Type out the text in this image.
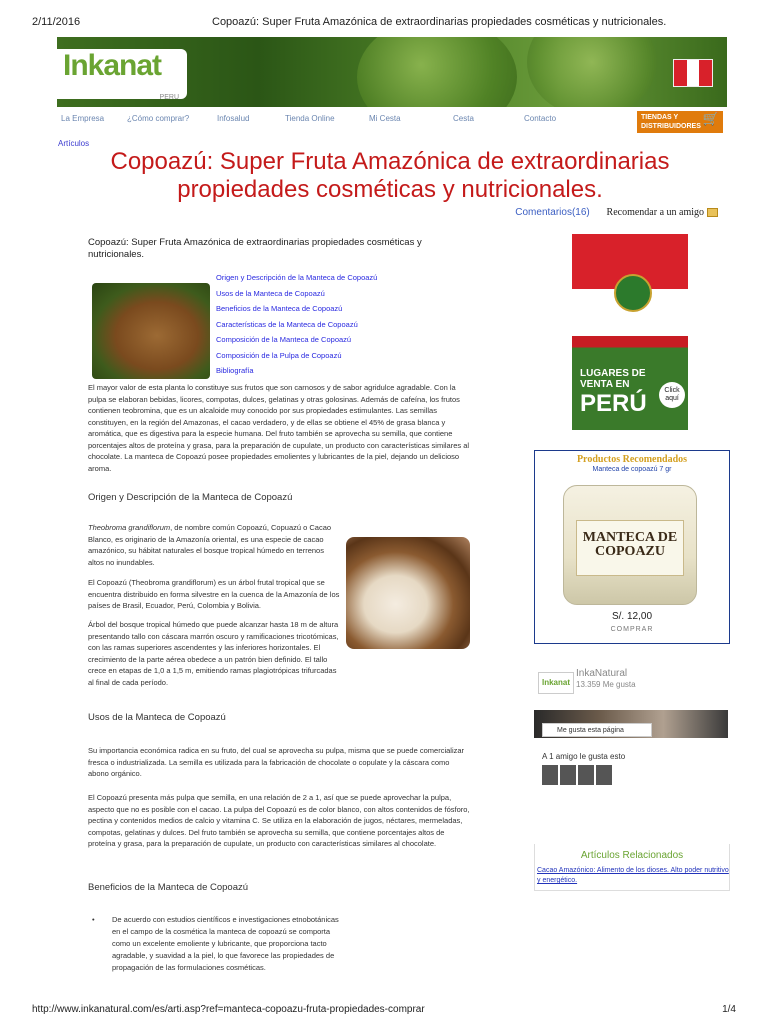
2/11/2016	Copoazú: Super Fruta Amazónica de extraordinarias propiedades cosméticas y nutricionales.
Inkanat
PERU
La Empresa	¿Cómo comprar?	Infosalud	Tienda Online	Mi Cesta	Cesta	Contacto	TIENDAS Y DISTRIBUIDORES
🛒
Artículos
Copoazú: Super Fruta Amazónica de extraordinarias propiedades cosméticas y nutricionales.
Comentarios(16) Recomendar a un amigo
Copoazú: Super Fruta Amazónica de extraordinarias propiedades cosméticas y nutricionales.
Origen y Descripción de la Manteca de Copoazú
Usos de la Manteca de Copoazú
Beneficios de la Manteca de Copoazú
Características de la Manteca de Copoazú
Composición de la Manteca de Copoazú
Composición de la Pulpa de Copoazú
Bibliografía
El mayor valor de esta planta lo constituye sus frutos que son carnosos y de sabor agridulce agradable. Con la pulpa se elaboran bebidas, licores, compotas, dulces, gelatinas y otras golosinas. Además de cafeína, los frutos contienen teobromina, que es un alcaloide muy conocido por sus propiedades estimulantes. Las semillas constituyen, en la región del Amazonas, el cacao verdadero, y de ellas se obtiene el 45% de grasa blanca y aromática, que es digestiva para la especie humana. Del fruto también se aprovecha su semilla, que contiene porcentajes altos de proteína y grasa, para la preparación de cupulate, un producto con características similares al chocolate. La manteca de Copoazú posee propiedades emolientes y lubricantes de la piel, dejando un delicioso aroma.
Origen y Descripción de la Manteca de Copoazú
Theobroma grandiflorum, de nombre común Copoazú, Copuazú o Cacao Blanco, es originario de la Amazonía oriental, es una especie de cacao amazónico, su hábitat naturales el bosque tropical húmedo en terrenos altos no inundables.
El Copoazú (Theobroma grandiflorum) es un árbol frutal tropical que se encuentra distribuido en forma silvestre en la cuenca de la Amazonía de los países de Brasil, Ecuador, Perú, Colombia y Bolivia.
Árbol del bosque tropical húmedo que puede alcanzar hasta 18 m de altura presentando tallo con cáscara marrón oscuro y ramificaciones tricotómicas, con las ramas superiores ascendentes y las inferiores horizontales. El crecimiento de la parte aérea obedece a un patrón bien definido. El tallo crece en etapas de 1,0 a 1,5 m, emitiendo ramas plagiotrópicas trifurcadas al final de cada período.
Usos de la Manteca de Copoazú
Su importancia económica radica en su fruto, del cual se aprovecha su pulpa, misma que se puede comercializar fresca o industrializada. La semilla es utilizada para la fabricación de chocolate o copulate y la cáscara como abono orgánico.
El Copoazú presenta más pulpa que semilla, en una relación de 2 a 1, así que se puede aprovechar la pulpa, aspecto que no es posible con el cacao. La pulpa del Copoazú es de color blanco, con altos contenidos de fósforo, pectina y contenidos medios de calcio y vitamina C. Se utiliza en la elaboración de jugos, néctares, mermeladas, compotas, gelatinas y dulces. Del fruto también se aprovecha su semilla, que contiene porcentajes altos de proteína y grasa, para la preparación de cupulate, un producto con características similares al chocolate.
Beneficios de la Manteca de Copoazú
• De acuerdo con estudios científicos e investigaciones etnobotánicas en el campo de la cosmética la manteca de copoazú se comporta como un excelente emoliente y lubricante, que proporciona tacto agradable, y suavidad a la piel, lo que favorece las propiedades de propagación de las formulaciones cosméticas.
LUGARES DE
VENTA EN
PERÚ	Click aquí
Productos Recomendados
Manteca de copoazú 7 gr
MANTECA DE COPOAZU
S/. 12,00
COMPRAR
Inkanat
InkaNatural
13.359 Me gusta
Me gusta esta página
A 1 amigo le gusta esto
Artículos Relacionados
Cacao Amazónico: Alimento de los dioses. Alto poder nutritivo y energético.
http://www.inkanatural.com/es/arti.asp?ref=manteca-copoazu-fruta-propiedades-comprar	1/4
